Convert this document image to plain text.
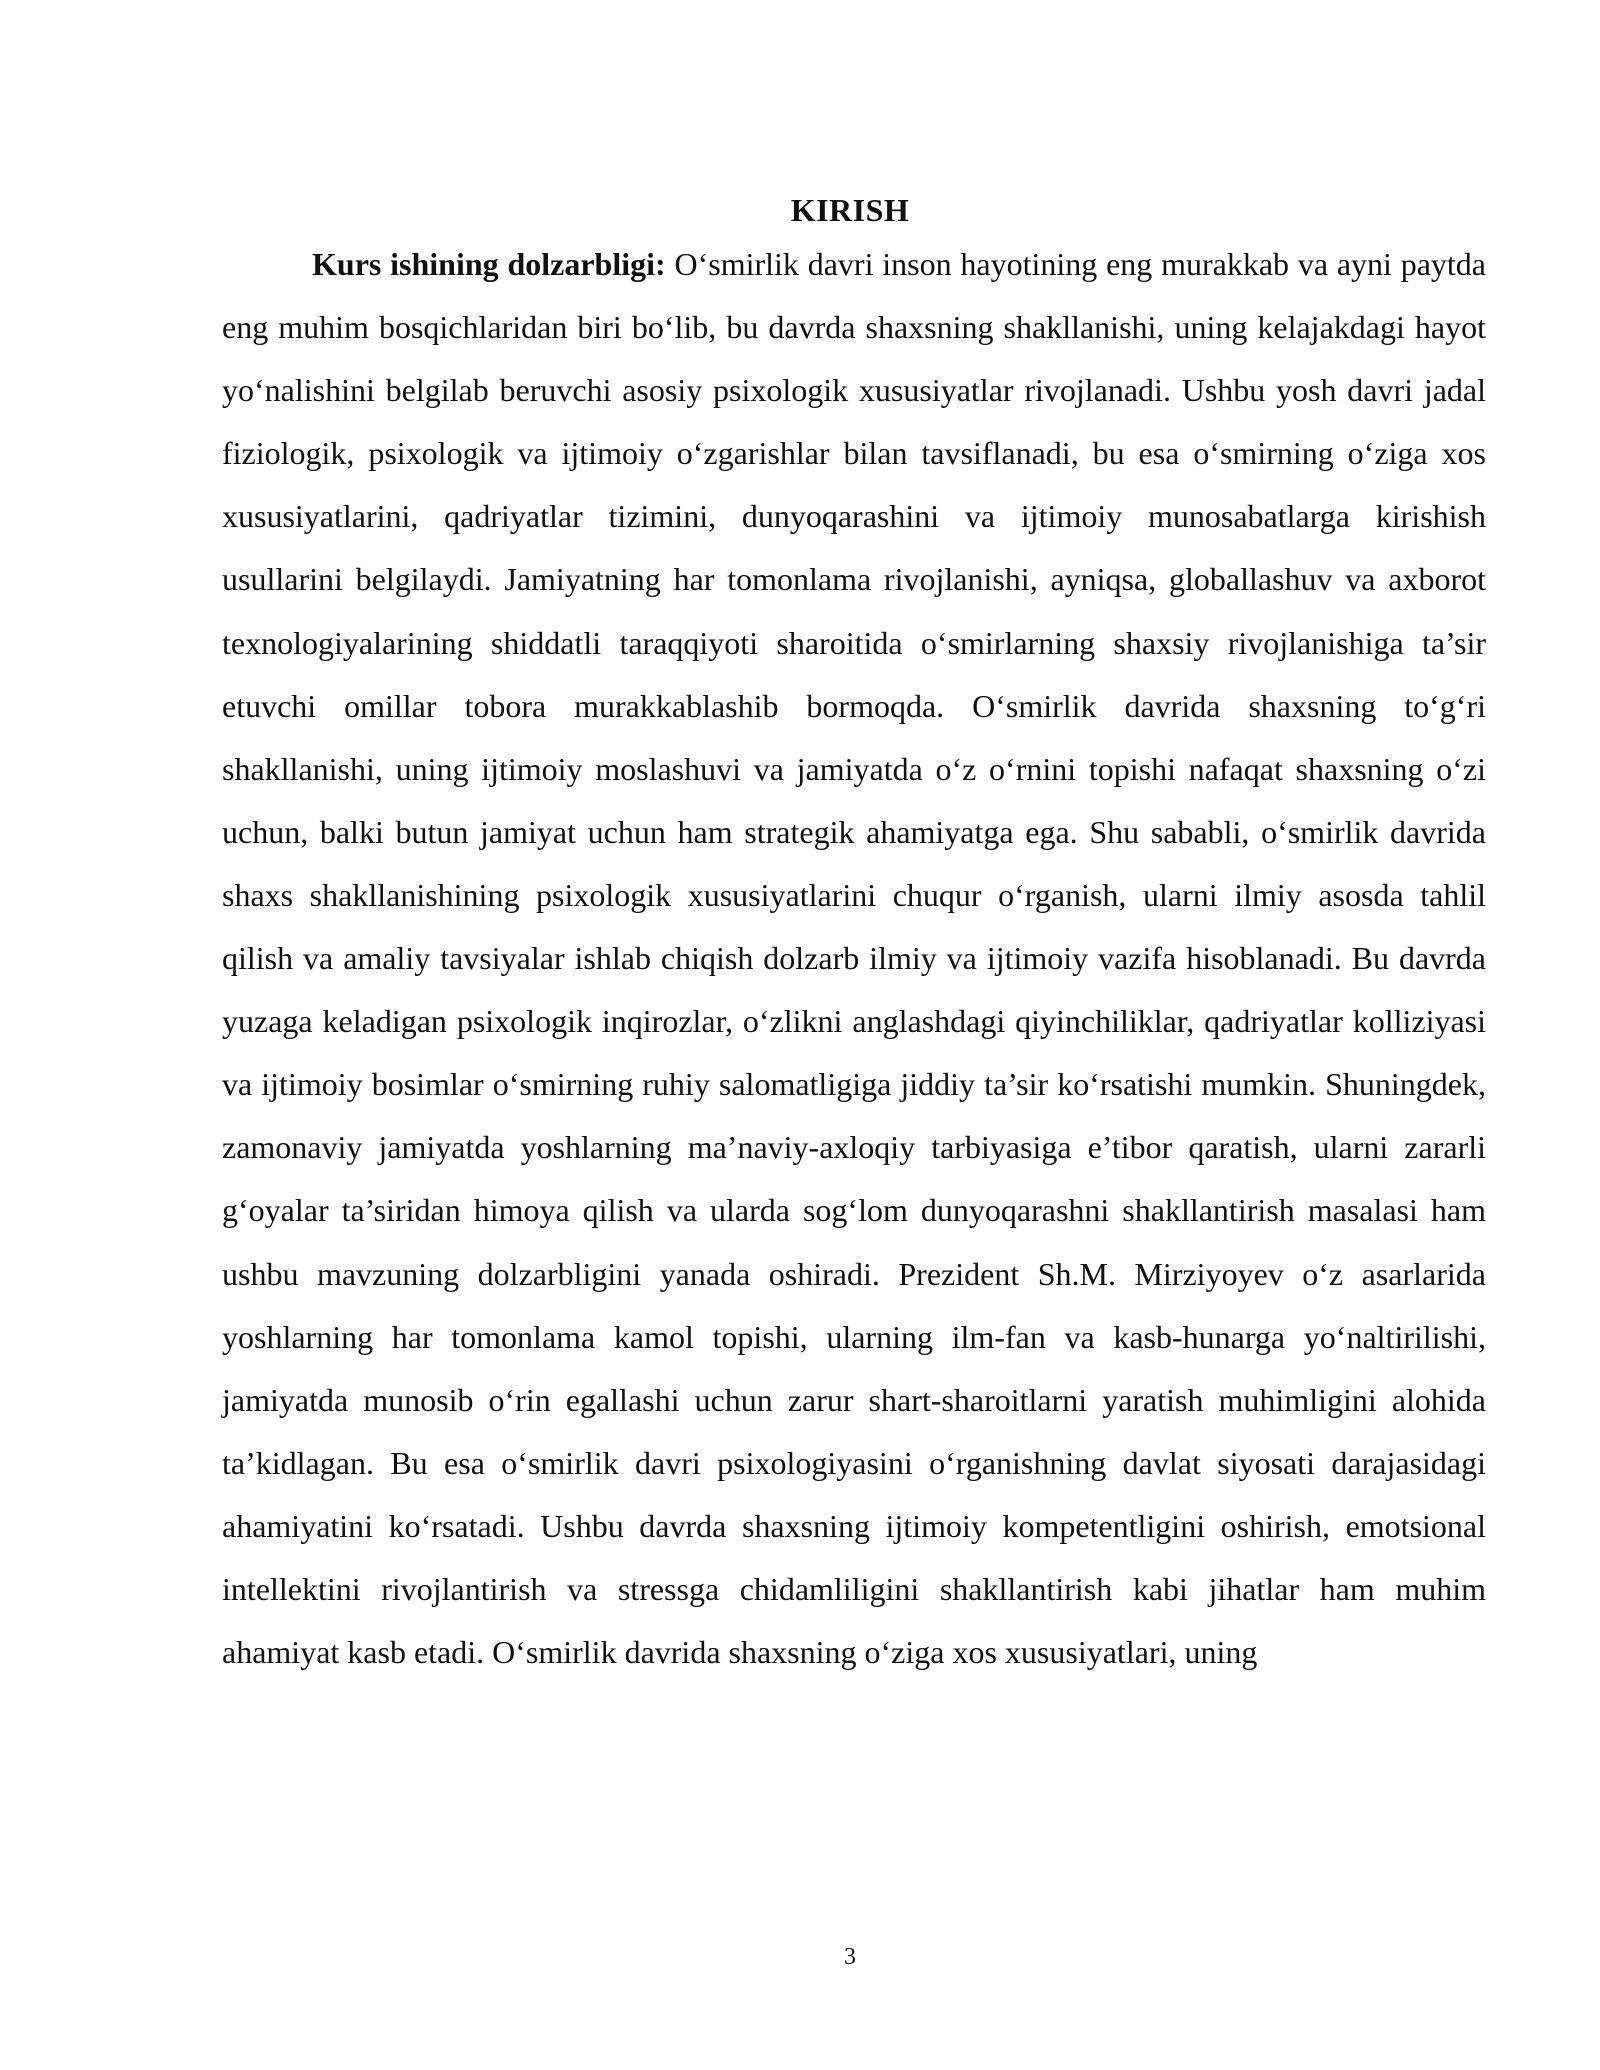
KIRISH

Kurs ishining dolzarbligi: O‘smirlik davri inson hayotining eng murakkab va ayni paytda eng muhim bosqichlaridan biri bo‘lib, bu davrda shaxsning shakllanishi, uning kelajakdagi hayot yo‘nalishini belgilab beruvchi asosiy psixologik xususiyatlar rivojlanadi. Ushbu yosh davri jadal fiziologik, psixologik va ijtimoiy o‘zgarishlar bilan tavsiflanadi, bu esa o‘smirning o‘ziga xos xususiyatlarini, qadriyatlar tizimini, dunyoqarashini va ijtimoiy munosabatlarga kirishish usullarini belgilaydi. Jamiyatning har tomonlama rivojlanishi, ayniqsa, globallashuv va axborot texnologiyalarining shiddatli taraqqiyoti sharoitida o‘smirlarning shaxsiy rivojlanishiga ta’sir etuvchi omillar tobora murakkablashib bormoqda. O‘smirlik davrida shaxsning to‘g‘ri shakllanishi, uning ijtimoiy moslashuvi va jamiyatda o‘z o‘rnini topishi nafaqat shaxsning o‘zi uchun, balki butun jamiyat uchun ham strategik ahamiyatga ega. Shu sababli, o‘smirlik davrida shaxs shakllanishining psixologik xususiyatlarini chuqur o‘rganish, ularni ilmiy asosda tahlil qilish va amaliy tavsiyalar ishlab chiqish dolzarb ilmiy va ijtimoiy vazifa hisoblanadi. Bu davrda yuzaga keladigan psixologik inqirozlar, o‘zlikni anglashdagi qiyinchiliklar, qadriyatlar kolliziyasi va ijtimoiy bosimlar o‘smirning ruhiy salomatligiga jiddiy ta’sir ko‘rsatishi mumkin. Shuningdek, zamonaviy jamiyatda yoshlarning ma’naviy-axloqiy tarbiyasiga e’tibor qaratish, ularni zararli g‘oyalar ta’siridan himoya qilish va ularda sog‘lom dunyoqarashni shakllantirish masalasi ham ushbu mavzuning dolzarbligini yanada oshiradi. Prezident Sh.M. Mirziyoyev o‘z asarlarida yoshlarning har tomonlama kamol topishi, ularning ilm-fan va kasb-hunarga yo‘naltirilishi, jamiyatda munosib o‘rin egallashi uchun zarur shart-sharoitlarni yaratish muhimligini alohida ta’kidlagan. Bu esa o‘smirlik davri psixologiyasini o‘rganishning davlat siyosati darajasidagi ahamiyatini ko‘rsatadi. Ushbu davrda shaxsning ijtimoiy kompetentligini oshirish, emotsional intellektini rivojlantirish va stressga chidamliligini shakllantirish kabi jihatlar ham muhim ahamiyat kasb etadi. O‘smirlik davrida shaxsning o‘ziga xos xususiyatlari, uning

3
